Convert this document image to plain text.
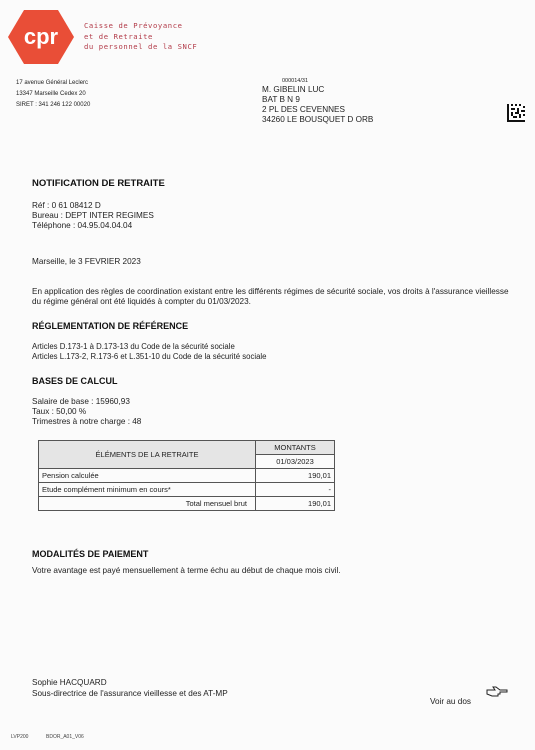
cpr	Caisse de Prévoyance
et de Retraite
du personnel de la SNCF
17 avenue Général Leclerc
13347 Marseille Cedex 20
SIRET : 341 246 122 00020
000014/31
M. GIBELIN LUC
BAT B N 9
2 PL DES CEVENNES
34260 LE BOUSQUET D ORB
NOTIFICATION DE RETRAITE
Réf : 0 61 08412 D
Bureau : DEPT INTER REGIMES
Téléphone : 04.95.04.04.04
Marseille, le 3 FEVRIER 2023
En application des règles de coordination existant entre les différents régimes de sécurité sociale, vos droits à l'assurance vieillesse du régime général ont été liquidés à compter du 01/03/2023.
RÉGLEMENTATION DE RÉFÉRENCE
Articles D.173-1 à D.173-13 du Code de la sécurité sociale
Articles L.173-2, R.173-6 et L.351-10 du Code de la sécurité sociale
BASES DE CALCUL
Salaire de base : 15960,93
Taux : 50,00 %
Trimestres à notre charge : 48
ÉLÉMENTS DE LA RETRAITE	MONTANTS
	01/03/2023
Pension calculée	190,01
Etude complément minimum en cours*	-
Total mensuel brut	190,01
MODALITÉS DE PAIEMENT
Votre avantage est payé mensuellement à terme échu au début de chaque mois civil.
Sophie HACQUARD
Sous-directrice de l'assurance vieillesse et des AT-MP
Voir au dos
LVP200	BDOR_A01_V06
